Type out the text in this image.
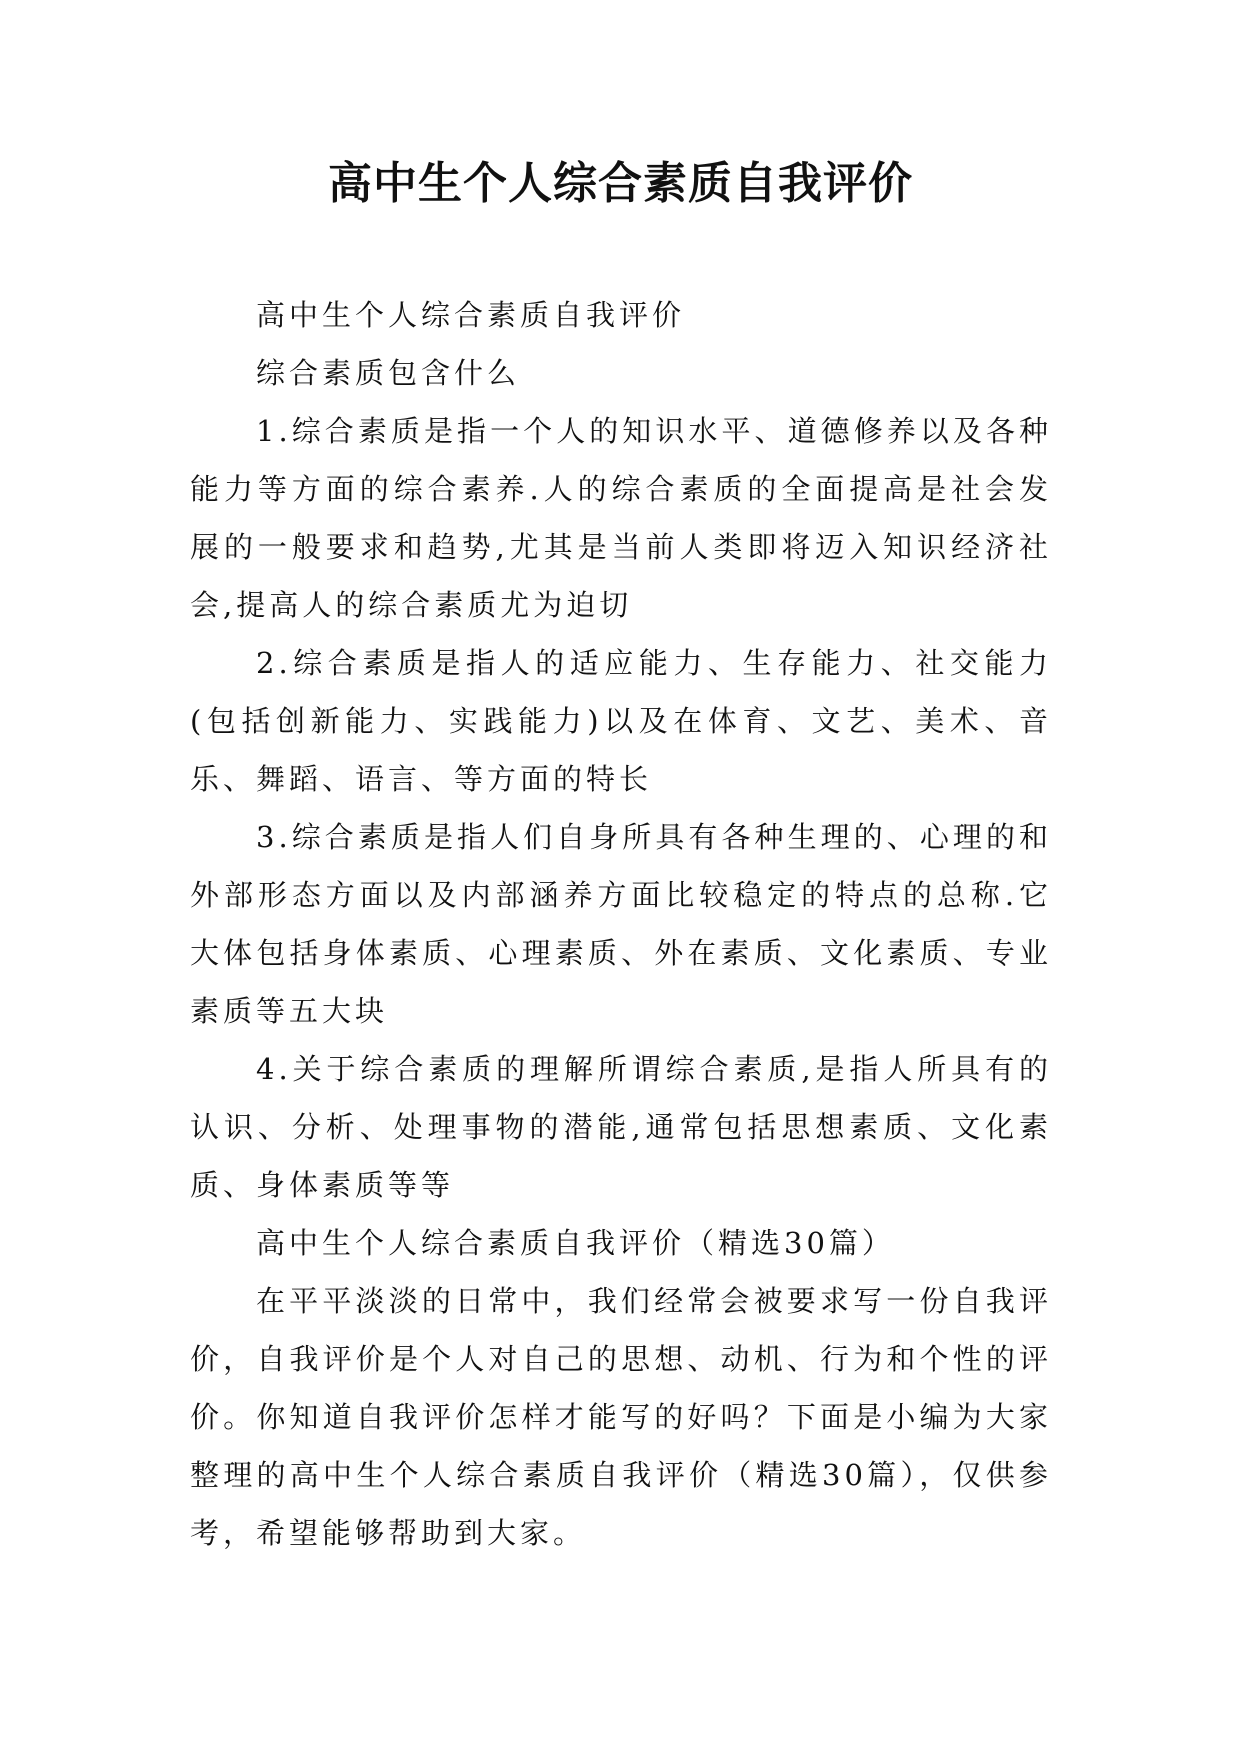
高中生个人综合素质自我评价

高中生个人综合素质自我评价

综合素质包含什么

1.综合素质是指一个人的知识水平、道德修养以及各种能力等方面的综合素养.人的综合素质的全面提高是社会发展的一般要求和趋势,尤其是当前人类即将迈入知识经济社会,提高人的综合素质尤为迫切

2.综合素质是指人的适应能力、生存能力、社交能力(包括创新能力、实践能力)以及在体育、文艺、美术、音乐、舞蹈、语言、等方面的特长

3.综合素质是指人们自身所具有各种生理的、心理的和外部形态方面以及内部涵养方面比较稳定的特点的总称.它大体包括身体素质、心理素质、外在素质、文化素质、专业素质等五大块

4.关于综合素质的理解所谓综合素质,是指人所具有的认识、分析、处理事物的潜能,通常包括思想素质、文化素质、身体素质等等

高中生个人综合素质自我评价（精选30篇）

在平平淡淡的日常中，我们经常会被要求写一份自我评价，自我评价是个人对自己的思想、动机、行为和个性的评价。你知道自我评价怎样才能写的好吗？下面是小编为大家整理的高中生个人综合素质自我评价（精选30篇），仅供参考，希望能够帮助到大家。
